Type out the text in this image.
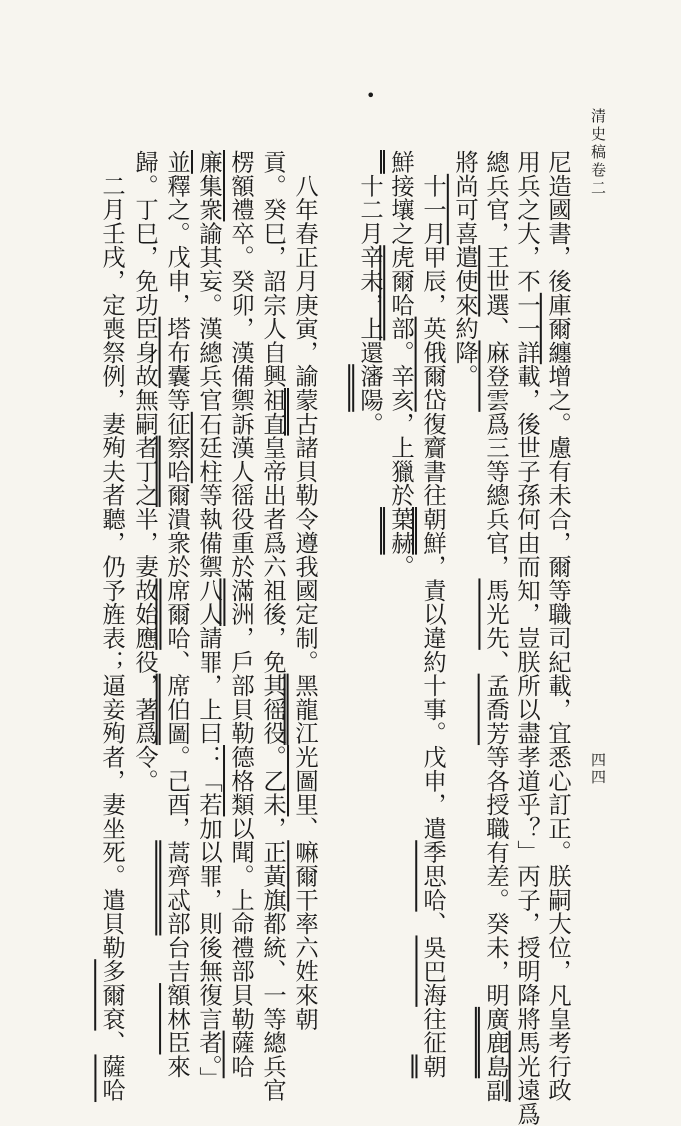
清史稿卷二
四四
•
尼造國書，後庫爾纏增之。慮有未合，爾等職司紀載，宜悉心訂正。朕嗣大位，凡皇考行政
用兵之大，不一一詳載，後世子孫何由而知，豈朕所以盡孝道乎？」丙子，授明降將馬光遠爲
總兵官，王世選、麻登雲爲三等總兵官，馬光先、孟喬芳等各授職有差。癸未，明廣鹿島副
將尚可喜遣使來約降。
　十一月甲辰，英俄爾岱復齎書往朝鮮，責以違約十事。戊申，遣季思哈、吳巴海往征朝
鮮接壤之虎爾哈部。辛亥，上獵於葉赫。
　十二月辛未，上還瀋陽。
　八年春正月庚寅，諭蒙古諸貝勒令遵我國定制。黑龍江光圖里、嘛爾干率六姓來朝
貢。癸巳，詔宗人自興祖直皇帝出者爲六祖後，免其徭役。乙未，正黃旗都統、一等總兵官
楞額禮卒。癸卯，漢備禦訴漢人徭役重於滿洲，戶部貝勒德格類以聞。上命禮部貝勒薩哈
廉集衆諭其妄。漢總兵官石廷柱等執備禦八人請罪，上曰：「若加以罪，則後無復言者。」
並釋之。戊申，塔布囊等征察哈爾潰衆於席爾哈、席伯圖。己酉，蒿齊忒部台吉額林臣來
歸。丁巳，免功臣身故無嗣者丁之半，妻故始應役，著爲令。
　二月壬戌，定喪祭例，妻殉夫者聽，仍予旌表；逼妾殉者，妻坐死。遣貝勒多爾袞、薩哈
